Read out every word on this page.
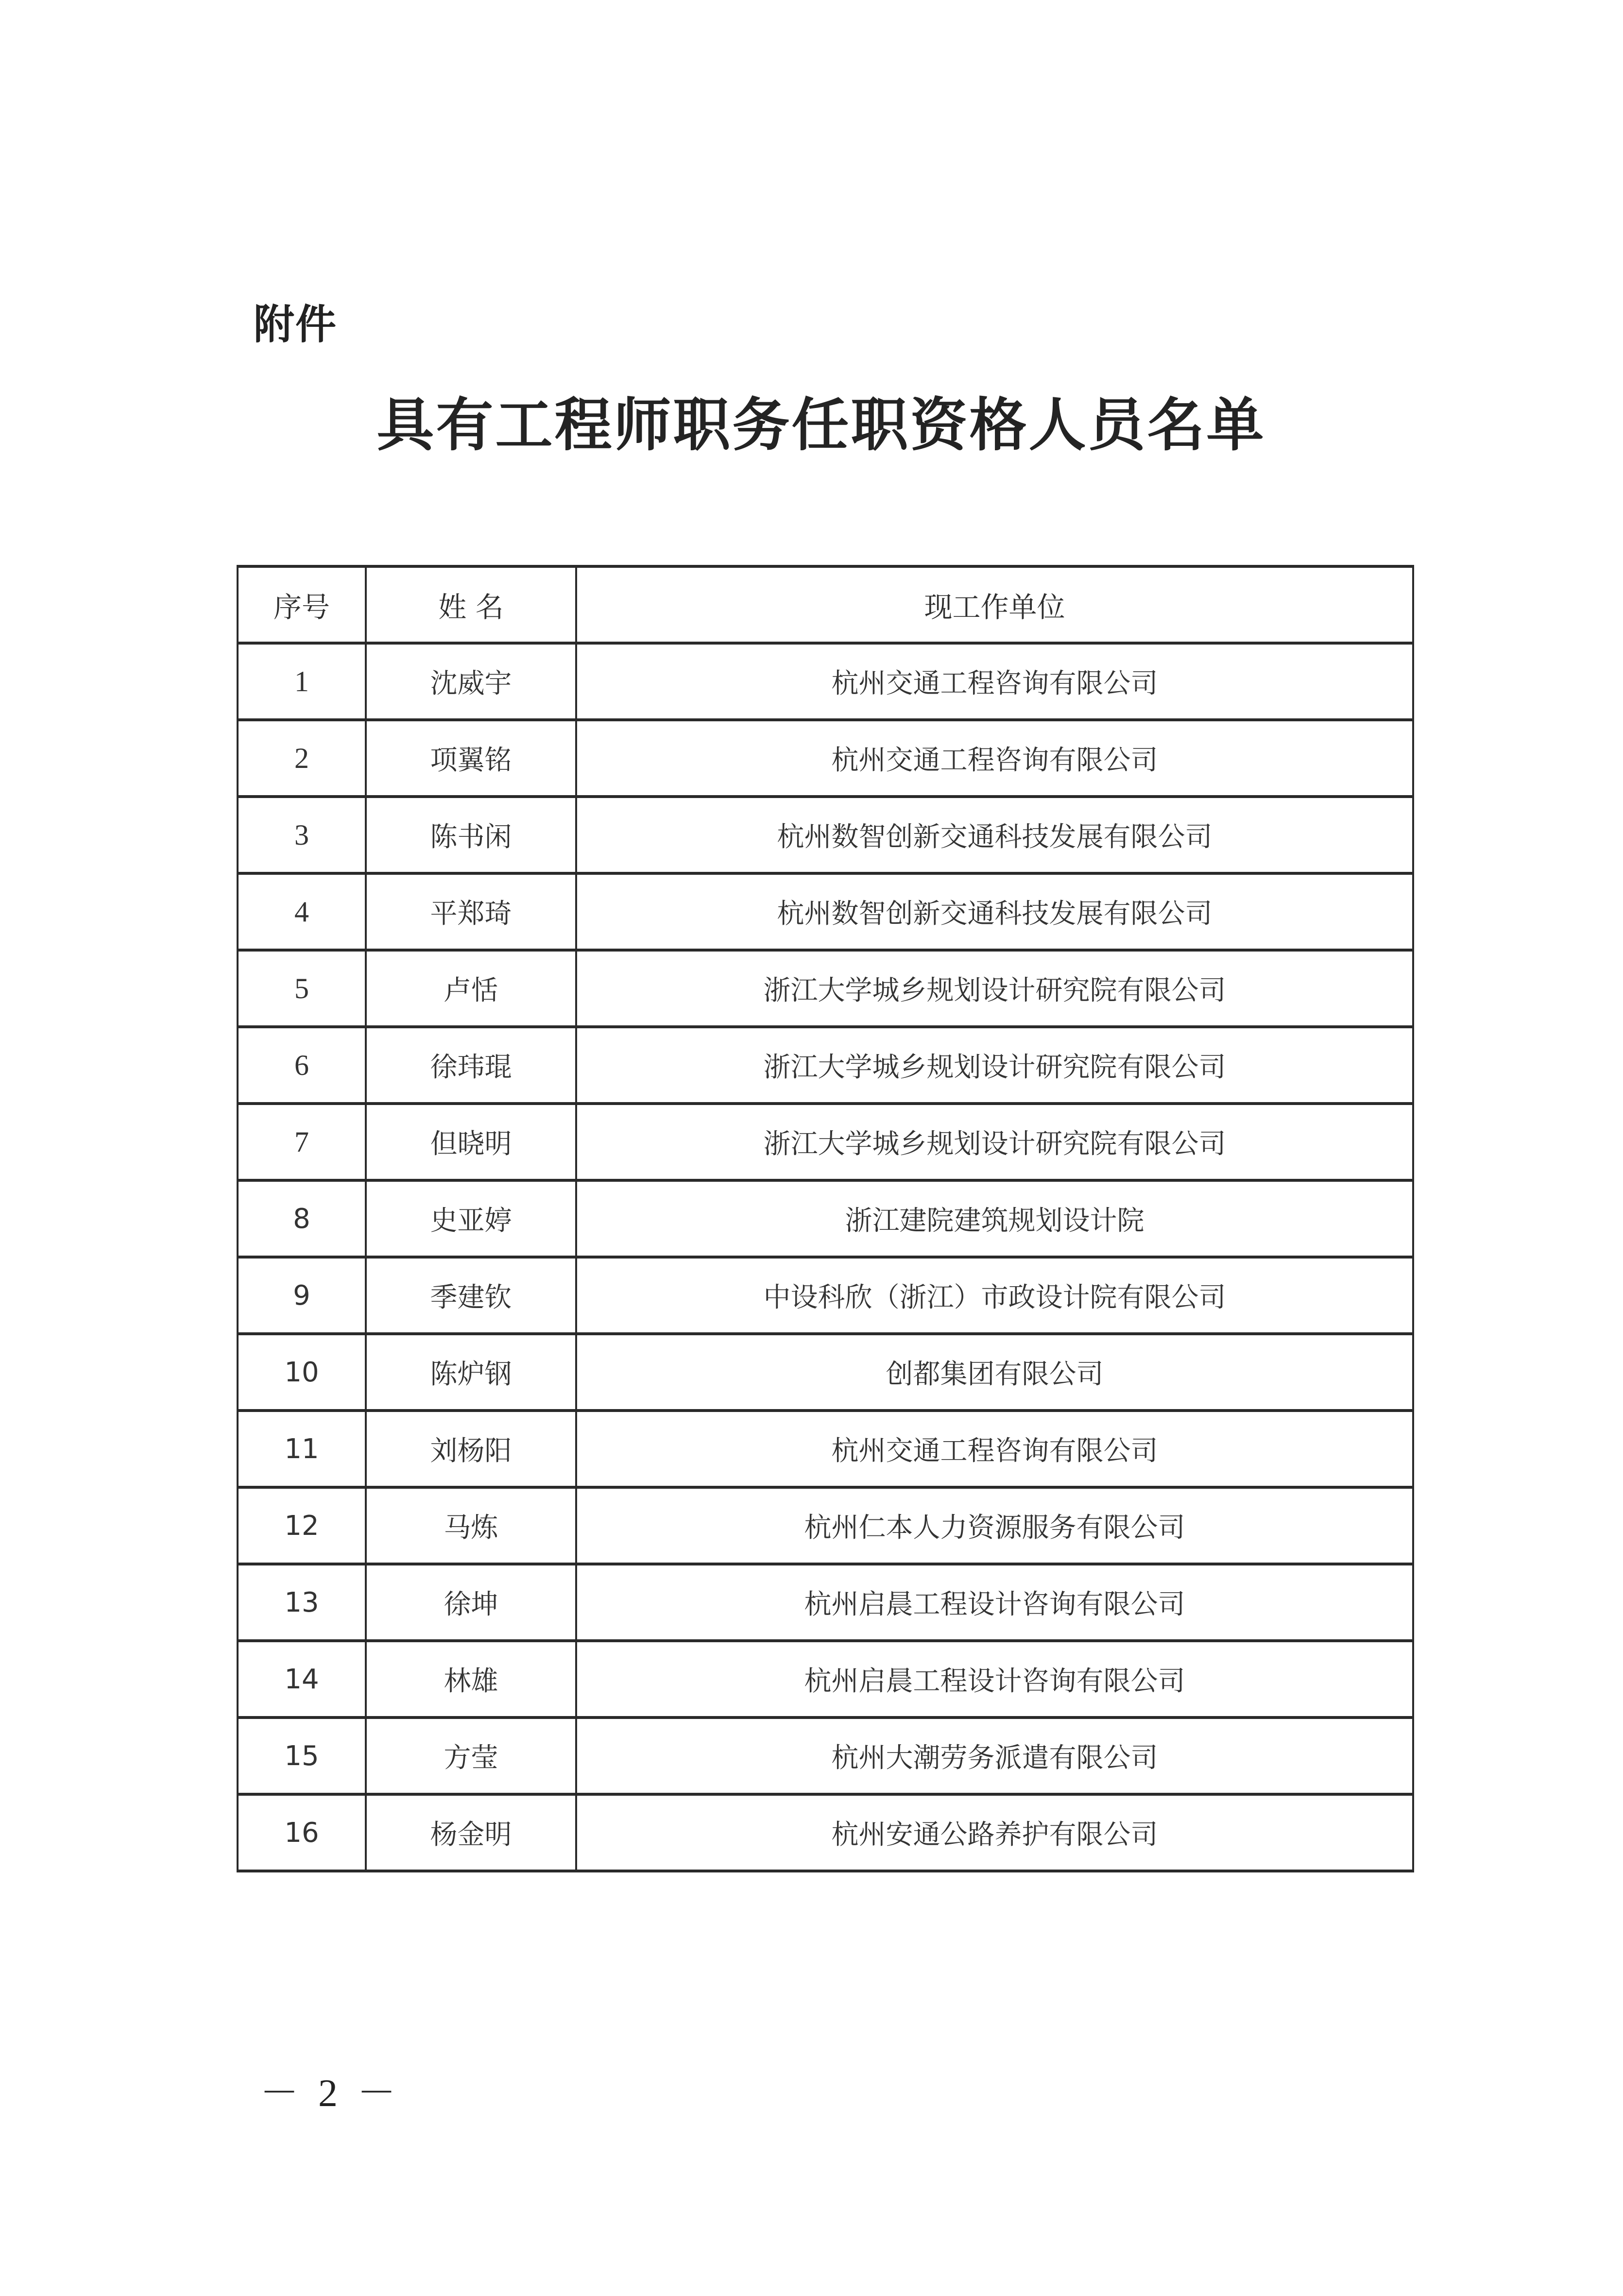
附件
具有工程师职务任职资格人员名单
序号	姓 名	现工作单位
1	沈威宇	杭州交通工程咨询有限公司
2	项翼铭	杭州交通工程咨询有限公司
3	陈书闲	杭州数智创新交通科技发展有限公司
4	平郑琦	杭州数智创新交通科技发展有限公司
5	卢恬	浙江大学城乡规划设计研究院有限公司
6	徐玮琨	浙江大学城乡规划设计研究院有限公司
7	但晓明	浙江大学城乡规划设计研究院有限公司
8	史亚婷	浙江建院建筑规划设计院
9	季建钦	中设科欣（浙江）市政设计院有限公司
10	陈炉钢	创都集团有限公司
11	刘杨阳	杭州交通工程咨询有限公司
12	马炼	杭州仁本人力资源服务有限公司
13	徐坤	杭州启晨工程设计咨询有限公司
14	林雄	杭州启晨工程设计咨询有限公司
15	方莹	杭州大潮劳务派遣有限公司
16	杨金明	杭州安通公路养护有限公司
－ 2 －
